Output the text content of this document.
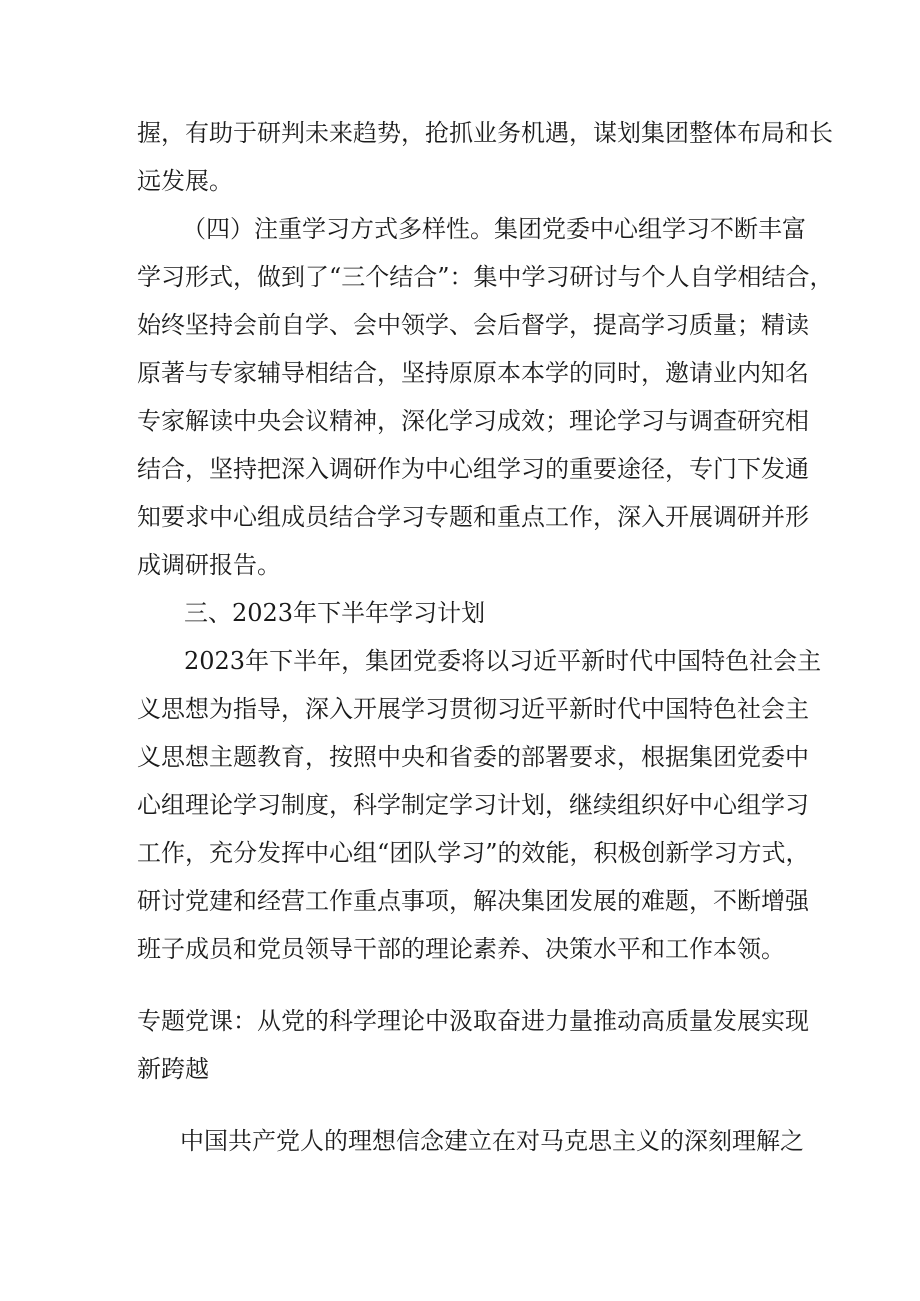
握，有助于研判未来趋势，抢抓业务机遇，谋划集团整体布局和长
远发展。
（四）注重学习方式多样性。集团党委中心组学习不断丰富
学习形式，做到了“三个结合”：集中学习研讨与个人自学相结合，
始终坚持会前自学、会中领学、会后督学，提高学习质量；精读
原著与专家辅导相结合，坚持原原本本学的同时，邀请业内知名
专家解读中央会议精神，深化学习成效；理论学习与调查研究相
结合，坚持把深入调研作为中心组学习的重要途径，专门下发通
知要求中心组成员结合学习专题和重点工作，深入开展调研并形
成调研报告。
三、2023年下半年学习计划
2023年下半年，集团党委将以习近平新时代中国特色社会主
义思想为指导，深入开展学习贯彻习近平新时代中国特色社会主
义思想主题教育，按照中央和省委的部署要求，根据集团党委中
心组理论学习制度，科学制定学习计划，继续组织好中心组学习
工作，充分发挥中心组“团队学习”的效能，积极创新学习方式，
研讨党建和经营工作重点事项，解决集团发展的难题，不断增强
班子成员和党员领导干部的理论素养、决策水平和工作本领。
专题党课：从党的科学理论中汲取奋进力量推动高质量发展实现
新跨越
中国共产党人的理想信念建立在对马克思主义的深刻理解之
